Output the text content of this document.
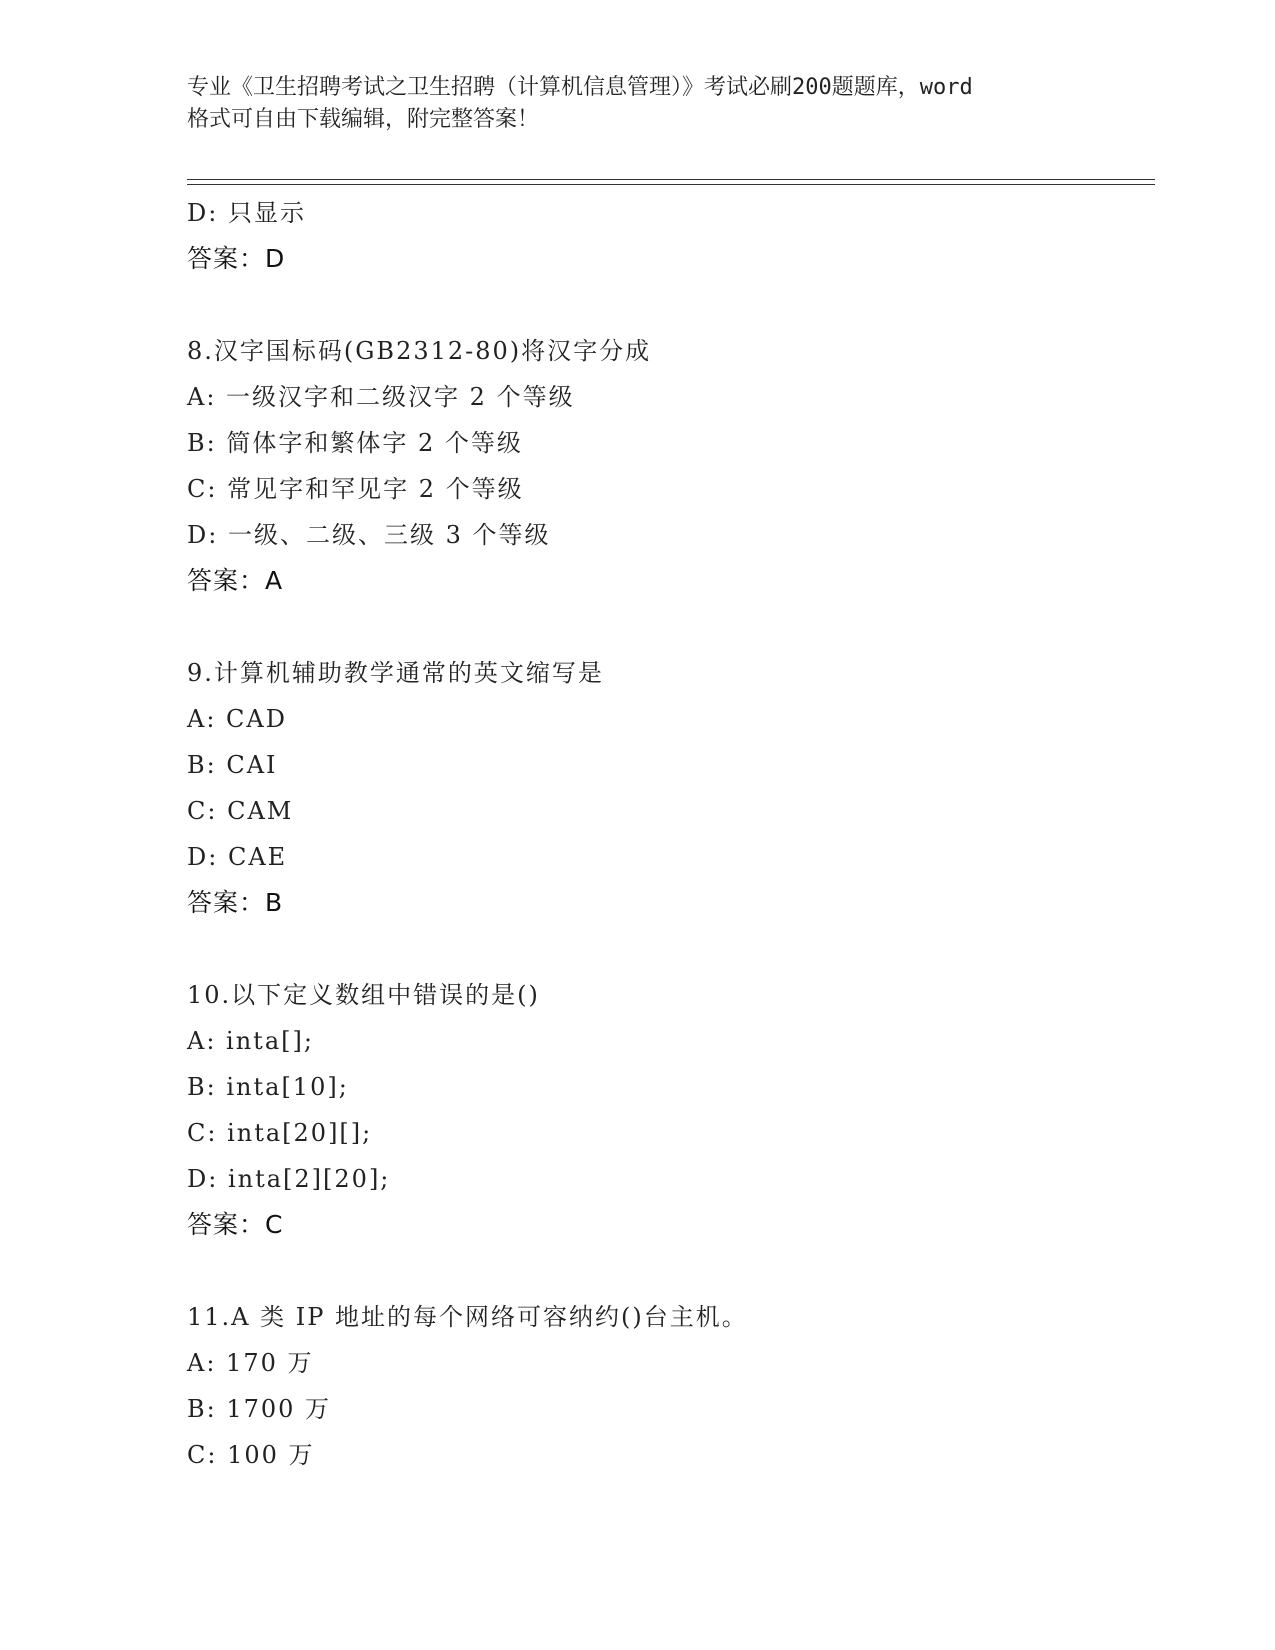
专业《卫生招聘考试之卫生招聘（计算机信息管理）》考试必刷200题题库，word
格式可自由下载编辑，附完整答案！
D: 只显示
答案：D
8.汉字国标码(GB2312-80)将汉字分成
A: 一级汉字和二级汉字 2 个等级
B: 简体字和繁体字 2 个等级
C: 常见字和罕见字 2 个等级
D: 一级、二级、三级 3 个等级
答案：A
9.计算机辅助教学通常的英文缩写是
A: CAD
B: CAI
C: CAM
D: CAE
答案：B
10.以下定义数组中错误的是()
A: inta[];
B: inta[10];
C: inta[20][];
D: inta[2][20];
答案：C
11.A 类 IP 地址的每个网络可容纳约()台主机。
A: 170 万
B: 1700 万
C: 100 万
